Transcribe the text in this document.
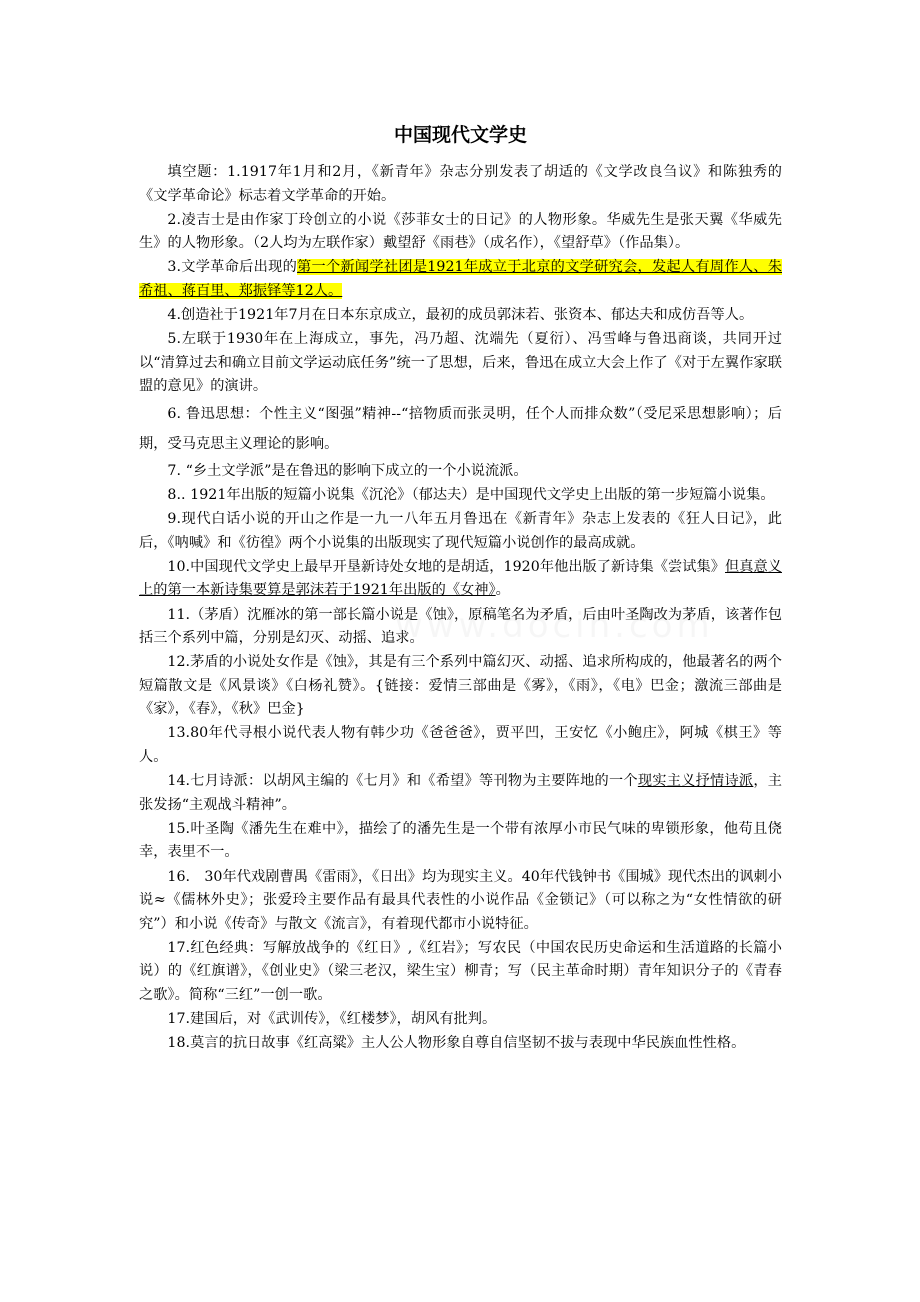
中国现代文学史

填空题：1.1917年1月和2月，《新青年》杂志分别发表了胡适的《文学改良刍议》和陈独秀的《文学革命论》标志着文学革命的开始。

2.凌吉士是由作家丁玲创立的小说《莎菲女士的日记》的人物形象。华威先生是张天翼《华威先生》的人物形象。（2人均为左联作家）戴望舒《雨巷》（成名作），《望舒草》（作品集）。

3.文学革命后出现的第一个新闻学社团是1921年成立于北京的文学研究会，发起人有周作人、朱希祖、蒋百里、郑振铎等12人。

4.创造社于1921年7月在日本东京成立，最初的成员郭沫若、张资本、郁达夫和成仿吾等人。

5.左联于1930年在上海成立，事先，冯乃超、沈端先（夏衍）、冯雪峰与鲁迅商谈，共同开过以“清算过去和确立目前文学运动底任务”统一了思想，后来，鲁迅在成立大会上作了《对于左翼作家联盟的意见》的演讲。

6. 鲁迅思想：个性主义“图强”精神--“掊物质而张灵明，任个人而排众数”（受尼采思想影响）；后期，受马克思主义理论的影响。

7. “乡土文学派”是在鲁迅的影响下成立的一个小说流派。

8.. 1921年出版的短篇小说集《沉沦》（郁达夫）是中国现代文学史上出版的第一步短篇小说集。

9.现代白话小说的开山之作是一九一八年五月鲁迅在《新青年》杂志上发表的《狂人日记》，此后，《呐喊》和《彷徨》两个小说集的出版现实了现代短篇小说创作的最高成就。

10.中国现代文学史上最早开垦新诗处女地的是胡适，1920年他出版了新诗集《尝试集》但真意义上的第一本新诗集要算是郭沫若于1921年出版的《女神》。

11.（茅盾）沈雁冰的第一部长篇小说是《蚀》，原稿笔名为矛盾，后由叶圣陶改为茅盾，该著作包括三个系列中篇，分别是幻灭、动摇、追求。

12.茅盾的小说处女作是《蚀》，其是有三个系列中篇幻灭、动摇、追求所构成的，他最著名的两个短篇散文是《风景谈》《白杨礼赞》。{链接：爱情三部曲是《雾》，《雨》，《电》巴金；激流三部曲是《家》，《春》，《秋》巴金}

13.80年代寻根小说代表人物有韩少功《爸爸爸》，贾平凹，王安忆《小鲍庄》，阿城《棋王》等人。

14.七月诗派：以胡风主编的《七月》和《希望》等刊物为主要阵地的一个现实主义抒情诗派，主张发扬“主观战斗精神”。

15.叶圣陶《潘先生在难中》，描绘了的潘先生是一个带有浓厚小市民气味的卑锁形象，他苟且侥幸，表里不一。

16.　30年代戏剧曹禺《雷雨》，《日出》均为现实主义。40年代钱钟书《围城》现代杰出的讽刺小说≈《儒林外史》；张爱玲主要作品有最具代表性的小说作品《金锁记》（可以称之为“女性情欲的研究”）和小说《传奇》与散文《流言》，有着现代都市小说特征。

17.红色经典：写解放战争的《红日》,《红岩》；写农民（中国农民历史命运和生活道路的长篇小说）的《红旗谱》，《创业史》（梁三老汉，梁生宝）柳青；写（民主革命时期）青年知识分子的《青春之歌》。简称“三红”一创一歌。

17.建国后，对《武训传》，《红楼梦》，胡风有批判。

18.莫言的抗日故事《红高粱》主人公人物形象自尊自信坚韧不拔与表现中华民族血性性格。
